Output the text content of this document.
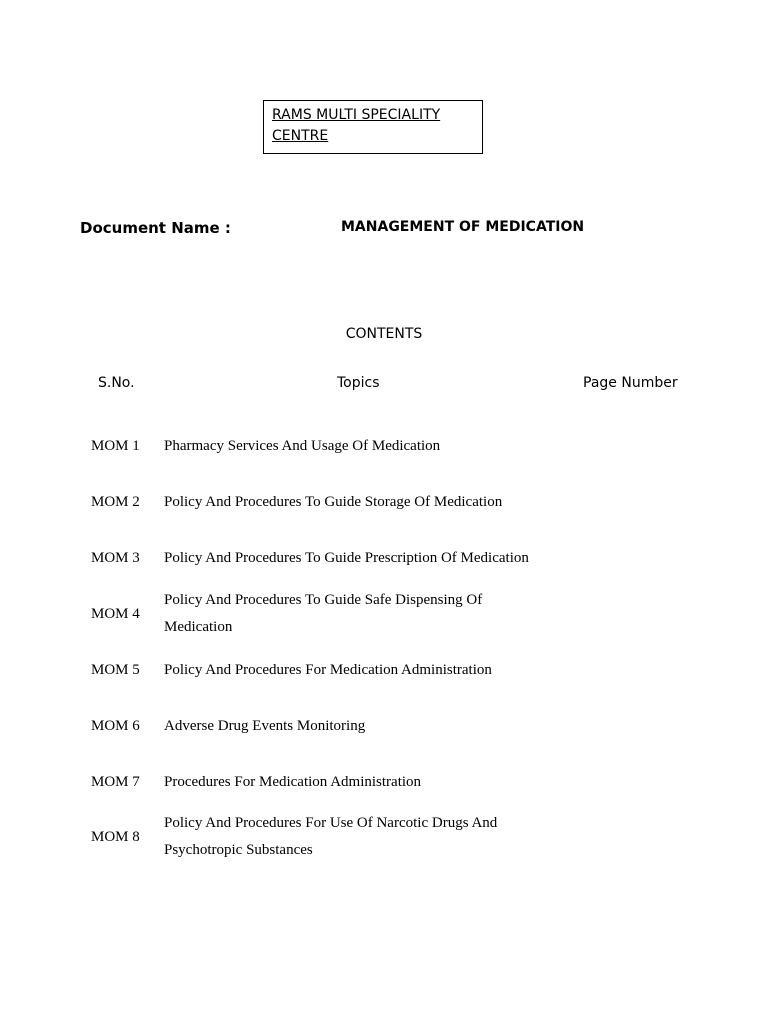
RAMS MULTI SPECIALITY
CENTRE
Document Name :	MANAGEMENT OF MEDICATION
CONTENTS
S.No.	Topics	Page Number
MOM 1 Pharmacy Services And Usage Of Medication
MOM 2 Policy And Procedures To Guide Storage Of Medication
MOM 3 Policy And Procedures To Guide Prescription Of Medication
MOM 4
Policy And Procedures To Guide Safe Dispensing Of Medication
MOM 5 Policy And Procedures For Medication Administration
MOM 6 Adverse Drug Events Monitoring
MOM 7 Procedures For Medication Administration
MOM 8
Policy And Procedures For Use Of Narcotic Drugs And Psychotropic Substances
